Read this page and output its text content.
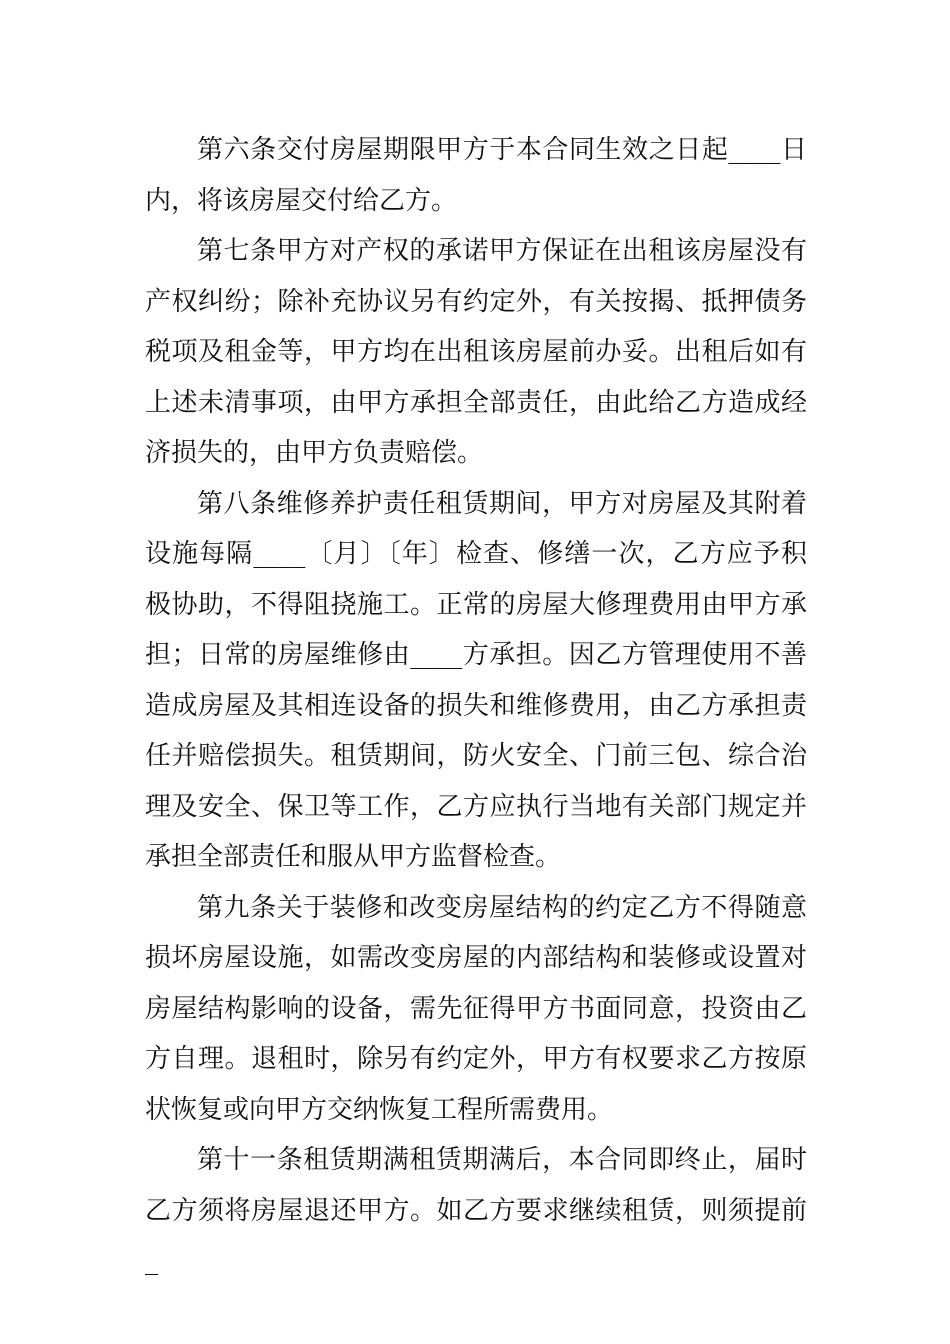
第六条交付房屋期限甲方于本合同生效之日起____日内，将该房屋交付给乙方。

第七条甲方对产权的承诺甲方保证在出租该房屋没有产权纠纷；除补充协议另有约定外，有关按揭、抵押债务税项及租金等，甲方均在出租该房屋前办妥。出租后如有上述未清事项，由甲方承担全部责任，由此给乙方造成经济损失的，由甲方负责赔偿。

第八条维修养护责任租赁期间，甲方对房屋及其附着设施每隔____〔月〕〔年〕检查、修缮一次，乙方应予积极协助，不得阻挠施工。正常的房屋大修理费用由甲方承担；日常的房屋维修由____方承担。因乙方管理使用不善造成房屋及其相连设备的损失和维修费用，由乙方承担责任并赔偿损失。租赁期间，防火安全、门前三包、综合治理及安全、保卫等工作，乙方应执行当地有关部门规定并承担全部责任和服从甲方监督检查。

第九条关于装修和改变房屋结构的约定乙方不得随意损坏房屋设施，如需改变房屋的内部结构和装修或设置对房屋结构影响的设备，需先征得甲方书面同意，投资由乙方自理。退租时，除另有约定外，甲方有权要求乙方按原状恢复或向甲方交纳恢复工程所需费用。

第十一条租赁期满租赁期满后，本合同即终止，届时乙方须将房屋退还甲方。如乙方要求继续租赁，则须提前_
